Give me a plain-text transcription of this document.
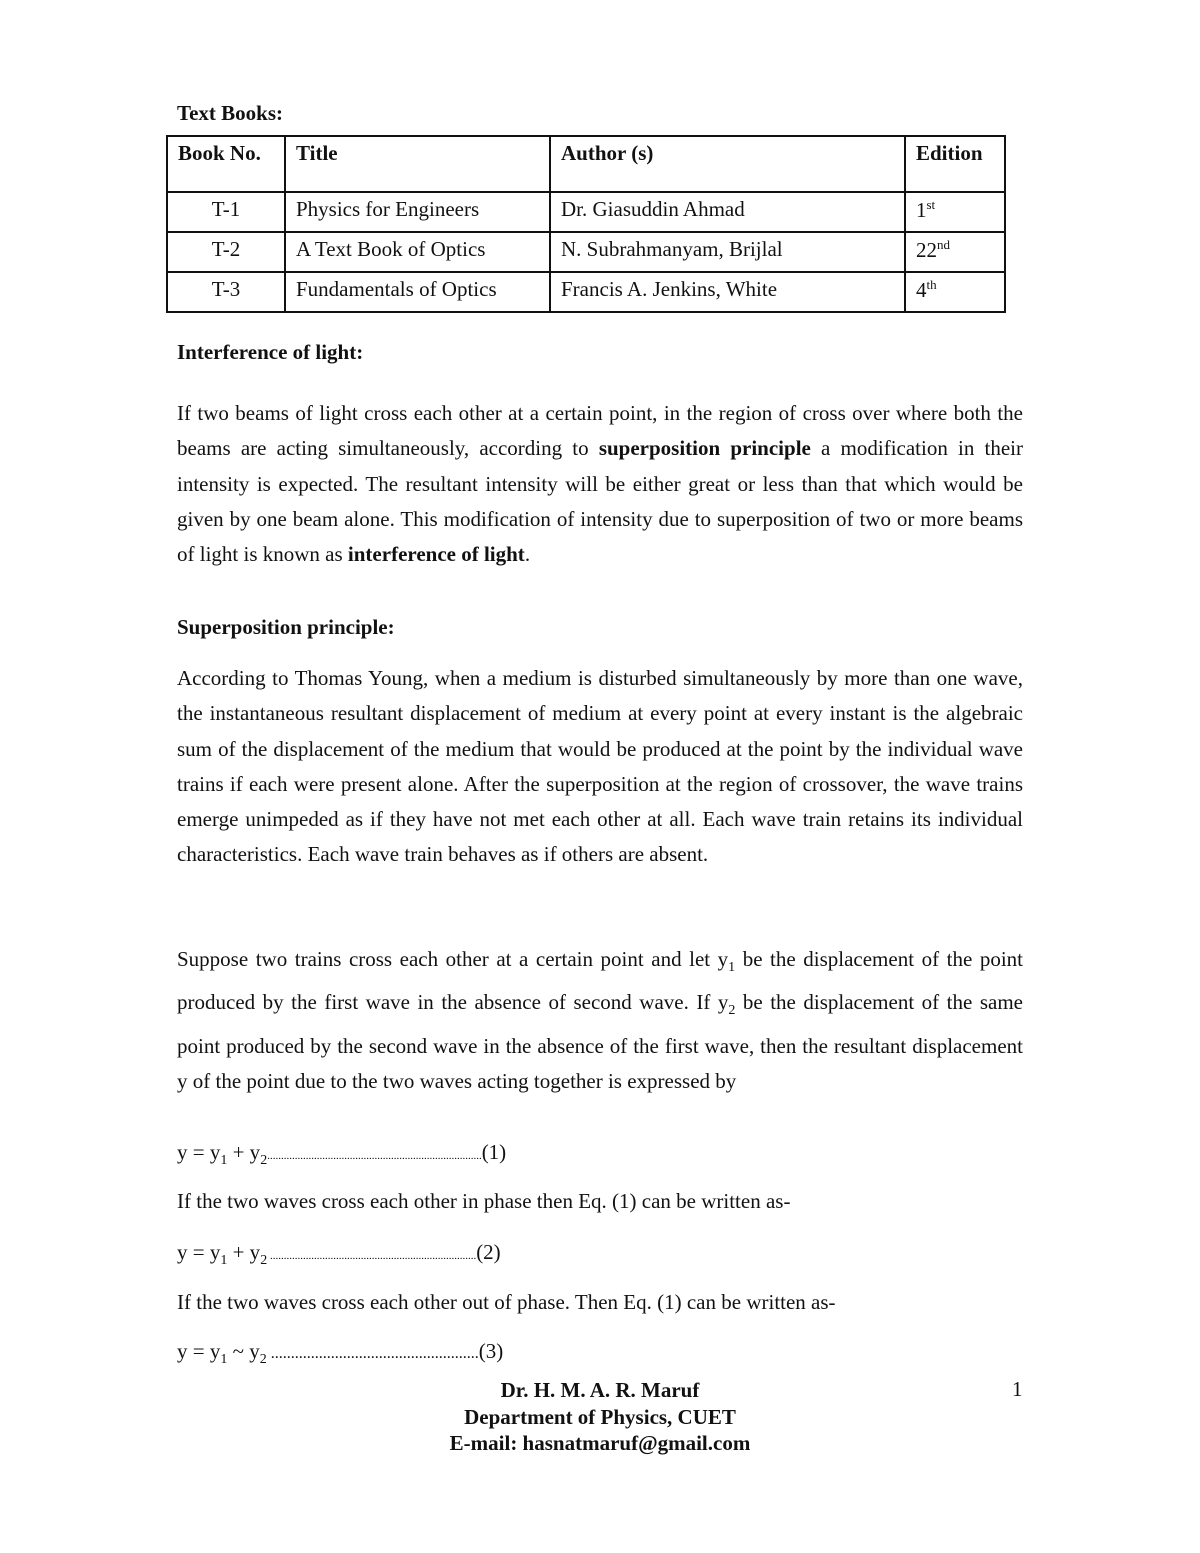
Text Books:
Book No.	Title	Author (s)	Edition
T-1	Physics for Engineers	Dr. Giasuddin Ahmad	1st
T-2	A Text Book of Optics	N. Subrahmanyam, Brijlal	22nd
T-3	Fundamentals of Optics	Francis A. Jenkins, White	4th
Interference of light:

If two beams of light cross each other at a certain point, in the region of cross over where both the beams are acting simultaneously, according to superposition principle a modification in their intensity is expected. The resultant intensity will be either great or less than that which would be given by one beam alone. This modification of intensity due to superposition of two or more beams of light is known as interference of light.

Superposition principle:

According to Thomas Young, when a medium is disturbed simultaneously by more than one wave, the instantaneous resultant displacement of medium at every point at every instant is the algebraic sum of the displacement of the medium that would be produced at the point by the individual wave trains if each were present alone. After the superposition at the region of crossover, the wave trains emerge unimpeded as if they have not met each other at all. Each wave train retains its individual characteristics. Each wave train behaves as if others are absent.

Suppose two trains cross each other at a certain point and let $y_1$ be the displacement of the point produced by the first wave in the absence of second wave. If $y_2$ be the displacement of the same point produced by the second wave in the absence of the first wave, then the resultant displacement y of the point due to the two waves acting together is expressed by

$y = y_1 + y_2..............................................................................(1)$
If the two waves cross each other in phase then Eq. (1) can be written as-
$y = y_1 + y_2$ ...........................................................................(2)
If the two waves cross each other out of phase. Then Eq. (1) can be written as-
$y = y_1$ ~ $y_2$ ....................................................(3)
Dr. H. M. A. R. Maruf
Department of Physics, CUET
E-mail: hasnatmaruf@gmail.com
1
